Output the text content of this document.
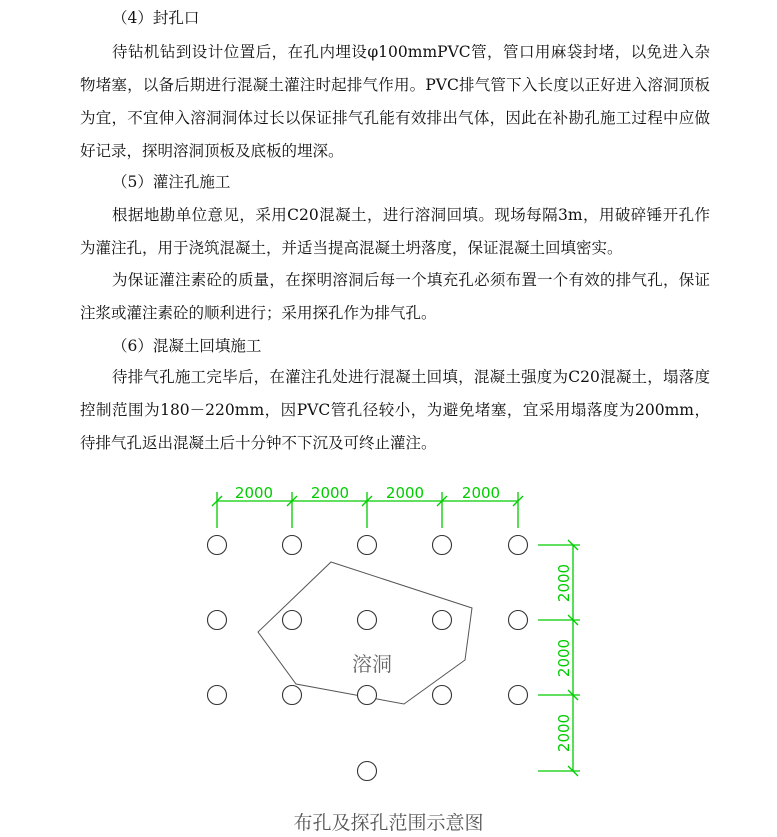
（4）封孔口
待钻机钻到设计位置后，在孔内埋设φ100mmPVC管，管口用麻袋封堵，以免进入杂物堵塞，以备后期进行混凝土灌注时起排气作用。PVC排气管下入长度以正好进入溶洞顶板为宜，不宜伸入溶洞洞体过长以保证排气孔能有效排出气体，因此在补勘孔施工过程中应做好记录，探明溶洞顶板及底板的埋深。
（5）灌注孔施工
根据地勘单位意见，采用C20混凝土，进行溶洞回填。现场每隔3m，用破碎锤开孔作为灌注孔，用于浇筑混凝土，并适当提高混凝土坍落度，保证混凝土回填密实。
为保证灌注素砼的质量，在探明溶洞后每一个填充孔必须布置一个有效的排气孔，保证注浆或灌注素砼的顺利进行；采用探孔作为排气孔。
（6）混凝土回填施工
待排气孔施工完毕后，在灌注孔处进行混凝土回填，混凝土强度为C20混凝土，塌落度控制范围为180－220mm，因PVC管孔径较小，为避免堵塞，宜采用塌落度为200mm，待排气孔返出混凝土后十分钟不下沉及可终止灌注。
2000	2000 2000	2000
2000
2000
2000
溶洞
布孔及探孔范围示意图
